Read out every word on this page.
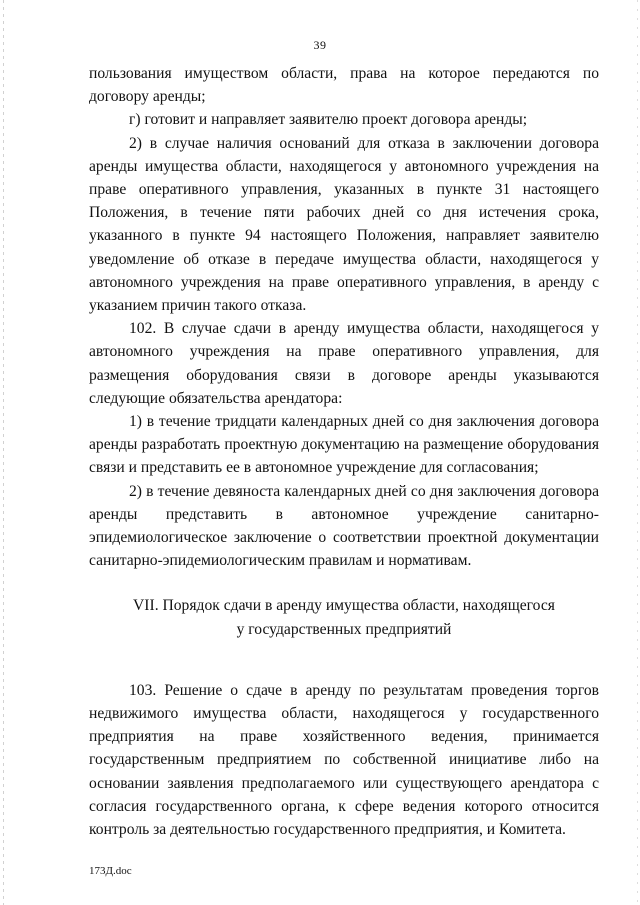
39

пользования имуществом области, права на которое передаются по договору аренды;

г) готовит и направляет заявителю проект договора аренды;

2) в случае наличия оснований для отказа в заключении договора аренды имущества области, находящегося у автономного учреждения на праве оперативного управления, указанных в пункте 31 настоящего Положения, в течение пяти рабочих дней со дня истечения срока, указанного в пункте 94 настоящего Положения, направляет заявителю уведомление об отказе в передаче имущества области, находящегося у автономного учреждения на праве оперативного управления, в аренду с указанием причин такого отказа.

102. В случае сдачи в аренду имущества области, находящегося у автономного учреждения на праве оперативного управления, для размещения оборудования связи в договоре аренды указываются следующие обязательства арендатора:

1) в течение тридцати календарных дней со дня заключения договора аренды разработать проектную документацию на размещение оборудования связи и представить ее в автономное учреждение для согласования;

2) в течение девяноста календарных дней со дня заключения договора аренды представить в автономное учреждение санитарно-эпидемиологическое заключение о соответствии проектной документации санитарно-эпидемиологическим правилам и нормативам.

VII. Порядок сдачи в аренду имущества области, находящегося

у государственных предприятий

103. Решение о сдаче в аренду по результатам проведения торгов недвижимого имущества области, находящегося у государственного предприятия на праве хозяйственного ведения, принимается государственным предприятием по собственной инициативе либо на основании заявления предполагаемого или существующего арендатора с согласия государственного органа, к сфере ведения которого относится контроль за деятельностью государственного предприятия, и Комитета.

173Д.doc
